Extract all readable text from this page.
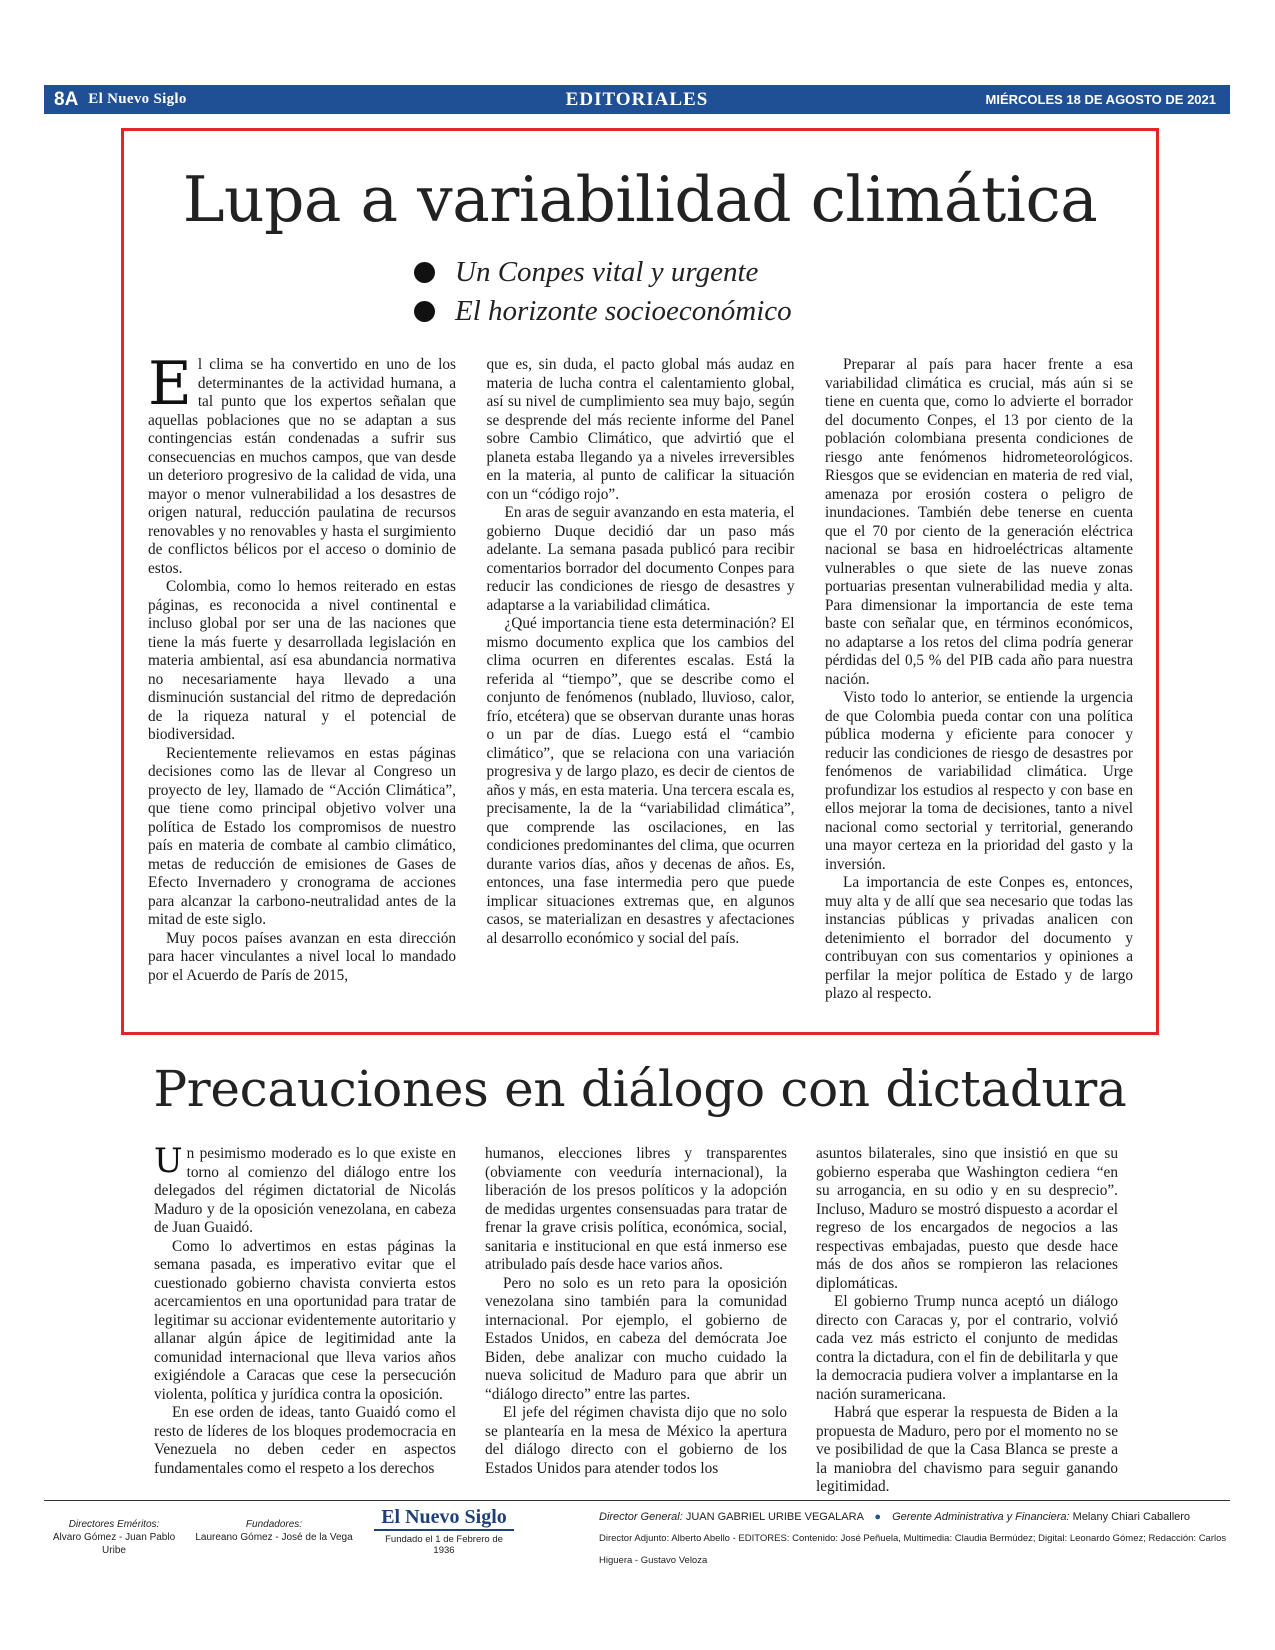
8A El Nuevo Siglo	EDITORIALES	MIÉRCOLES 18 DE AGOSTO DE 2021
Lupa a variabilidad climática
Un Conpes vital y urgente
El horizonte socioeconómico

El clima se ha convertido en uno de los determinantes de la actividad humana, a tal punto que los expertos señalan que aquellas poblaciones que no se adaptan a sus contingencias están condenadas a sufrir sus consecuencias en muchos campos, que van desde un deterioro progresivo de la calidad de vida, una mayor o menor vulnerabilidad a los desastres de origen natural, reducción paulatina de recursos renovables y no renovables y hasta el surgimiento de conflictos bélicos por el acceso o dominio de estos.

Colombia, como lo hemos reiterado en estas páginas, es reconocida a nivel continental e incluso global por ser una de las naciones que tiene la más fuerte y desarrollada legislación en materia ambiental, así esa abundancia normativa no necesariamente haya llevado a una disminución sustancial del ritmo de depredación de la riqueza natural y el potencial de biodiversidad.

Recientemente relievamos en estas páginas decisiones como las de llevar al Congreso un proyecto de ley, llamado de “Acción Climática”, que tiene como principal objetivo volver una política de Estado los compromisos de nuestro país en materia de combate al cambio climático, metas de reducción de emisiones de Gases de Efecto Invernadero y cronograma de acciones para alcanzar la carbono-neutralidad antes de la mitad de este siglo.

Muy pocos países avanzan en esta dirección para hacer vinculantes a nivel local lo mandado por el Acuerdo de París de 2015,

que es, sin duda, el pacto global más audaz en materia de lucha contra el calentamiento global, así su nivel de cumplimiento sea muy bajo, según se desprende del más reciente informe del Panel sobre Cambio Climático, que advirtió que el planeta estaba llegando ya a niveles irreversibles en la materia, al punto de calificar la situación con un “código rojo”.

En aras de seguir avanzando en esta materia, el gobierno Duque decidió dar un paso más adelante. La semana pasada publicó para recibir comentarios borrador del documento Conpes para reducir las condiciones de riesgo de desastres y adaptarse a la variabilidad climática.

¿Qué importancia tiene esta determinación? El mismo documento explica que los cambios del clima ocurren en diferentes escalas. Está la referida al “tiempo”, que se describe como el conjunto de fenómenos (nublado, lluvioso, calor, frío, etcétera) que se observan durante unas horas o un par de días. Luego está el “cambio climático”, que se relaciona con una variación progresiva y de largo plazo, es decir de cientos de años y más, en esta materia. Una tercera escala es, precisamente, la de la “variabilidad climática”, que comprende las oscilaciones, en las condiciones predominantes del clima, que ocurren durante varios días, años y decenas de años. Es, entonces, una fase intermedia pero que puede implicar situaciones extremas que, en algunos casos, se materializan en desastres y afectaciones al desarrollo económico y social del país.

Preparar al país para hacer frente a esa variabilidad climática es crucial, más aún si se tiene en cuenta que, como lo advierte el borrador del documento Conpes, el 13 por ciento de la población colombiana presenta condiciones de riesgo ante fenómenos hidrometeorológicos. Riesgos que se evidencian en materia de red vial, amenaza por erosión costera o peligro de inundaciones. También debe tenerse en cuenta que el 70 por ciento de la generación eléctrica nacional se basa en hidroeléctricas altamente vulnerables o que siete de las nueve zonas portuarias presentan vulnerabilidad media y alta. Para dimensionar la importancia de este tema baste con señalar que, en términos económicos, no adaptarse a los retos del clima podría generar pérdidas del 0,5 % del PIB cada año para nuestra nación.

Visto todo lo anterior, se entiende la urgencia de que Colombia pueda contar con una política pública moderna y eficiente para conocer y reducir las condiciones de riesgo de desastres por fenómenos de variabilidad climática. Urge profundizar los estudios al respecto y con base en ellos mejorar la toma de decisiones, tanto a nivel nacional como sectorial y territorial, generando una mayor certeza en la prioridad del gasto y la inversión.

La importancia de este Conpes es, entonces, muy alta y de allí que sea necesario que todas las instancias públicas y privadas analicen con detenimiento el borrador del documento y contribuyan con sus comentarios y opiniones a perfilar la mejor política de Estado y de largo plazo al respecto.

Precauciones en diálogo con dictadura

Un pesimismo moderado es lo que existe en torno al comienzo del diálogo entre los delegados del régimen dictatorial de Nicolás Maduro y de la oposición venezolana, en cabeza de Juan Guaidó.

Como lo advertimos en estas páginas la semana pasada, es imperativo evitar que el cuestionado gobierno chavista convierta estos acercamientos en una oportunidad para tratar de legitimar su accionar evidentemente autoritario y allanar algún ápice de legitimidad ante la comunidad internacional que lleva varios años exigiéndole a Caracas que cese la persecución violenta, política y jurídica contra la oposición.

En ese orden de ideas, tanto Guaidó como el resto de líderes de los bloques prodemocracia en Venezuela no deben ceder en aspectos fundamentales como el respeto a los derechos

humanos, elecciones libres y transparentes (obviamente con veeduría internacional), la liberación de los presos políticos y la adopción de medidas urgentes consensuadas para tratar de frenar la grave crisis política, económica, social, sanitaria e institucional en que está inmerso ese atribulado país desde hace varios años.

Pero no solo es un reto para la oposición venezolana sino también para la comunidad internacional. Por ejemplo, el gobierno de Estados Unidos, en cabeza del demócrata Joe Biden, debe analizar con mucho cuidado la nueva solicitud de Maduro para que abrir un “diálogo directo” entre las partes.

El jefe del régimen chavista dijo que no solo se plantearía en la mesa de México la apertura del diálogo directo con el gobierno de los Estados Unidos para atender todos los

asuntos bilaterales, sino que insistió en que su gobierno esperaba que Washington cediera “en su arrogancia, en su odio y en su desprecio”. Incluso, Maduro se mostró dispuesto a acordar el regreso de los encargados de negocios a las respectivas embajadas, puesto que desde hace más de dos años se rompieron las relaciones diplomáticas.

El gobierno Trump nunca aceptó un diálogo directo con Caracas y, por el contrario, volvió cada vez más estricto el conjunto de medidas contra la dictadura, con el fin de debilitarla y que la democracia pudiera volver a implantarse en la nación suramericana.

Habrá que esperar la respuesta de Biden a la propuesta de Maduro, pero por el momento no se ve posibilidad de que la Casa Blanca se preste a la maniobra del chavismo para seguir ganando legitimidad.

Directores Eméritos:
Alvaro Gómez - Juan Pablo Uribe
Fundadores:
Laureano Gómez - José de la Vega
El Nuevo Siglo
Fundado el 1 de Febrero de 1936
Director General: JUAN GABRIEL URIBE VEGALARA ● Gerente Administrativa y Financiera: Melany Chiari Caballero
Director Adjunto: Alberto Abello - EDITORES: Contenido: José Peñuela, Multimedia: Claudia Bermúdez; Digital: Leonardo Gómez; Redacción: Carlos Higuera - Gustavo Veloza
